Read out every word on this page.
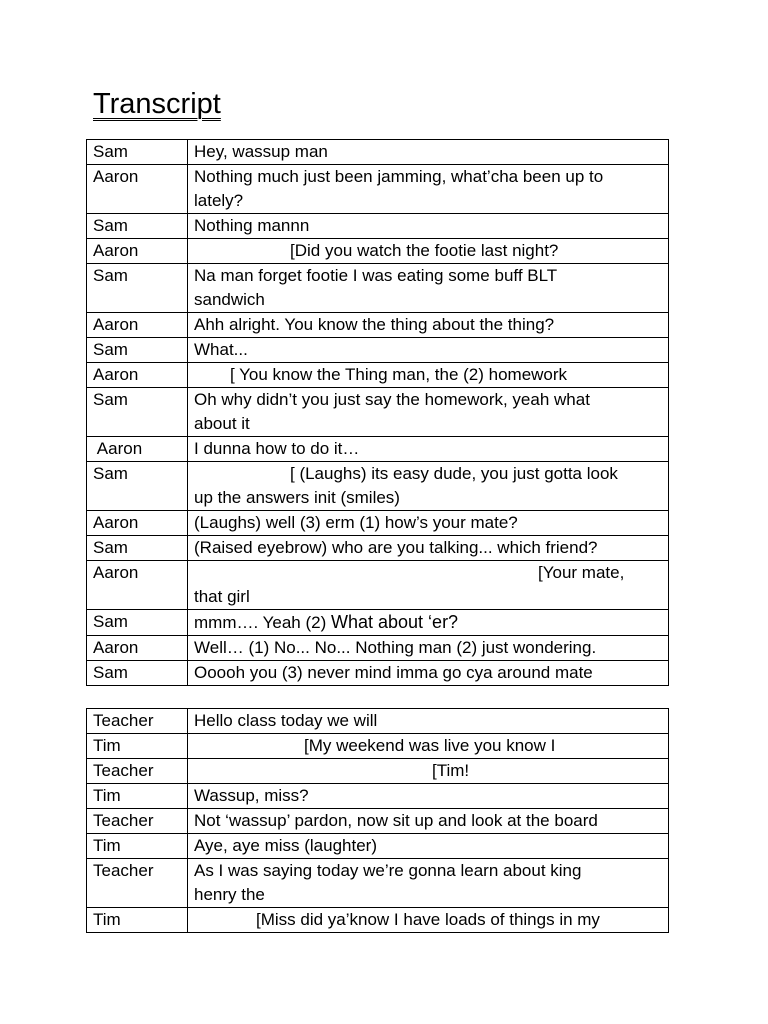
Transcript
Sam	Hey, wassup man
Aaron	Nothing much just been jamming, what’cha been up to
lately?
Sam	Nothing mannn
Aaron	[Did you watch the footie last night?
Sam	Na man forget footie I was eating some buff BLT
sandwich
Aaron	Ahh alright. You know the thing about the thing?
Sam	What...
Aaron	[ You know the Thing man, the (2) homework
Sam	Oh why didn’t you just say the homework, yeah what
about it
Aaron	I dunna how to do it…
Sam	[ (Laughs) its easy dude, you just gotta look
up the answers init (smiles)
Aaron	(Laughs) well (3) erm (1) how’s your mate?
Sam	(Raised eyebrow) who are you talking... which friend?
Aaron	[Your mate,
that girl
Sam	mmm…. Yeah (2) What about ‘er?
Aaron	Well… (1) No... No... Nothing man (2) just wondering.
Sam	Ooooh you (3) never mind imma go cya around mate
Teacher	Hello class today we will
Tim	[My weekend was live you know I
Teacher	[Tim!
Tim	Wassup, miss?
Teacher	Not ‘wassup’ pardon, now sit up and look at the board
Tim	Aye, aye miss (laughter)
Teacher	As I was saying today we’re gonna learn about king
henry the
Tim	[Miss did ya’know I have loads of things in my
